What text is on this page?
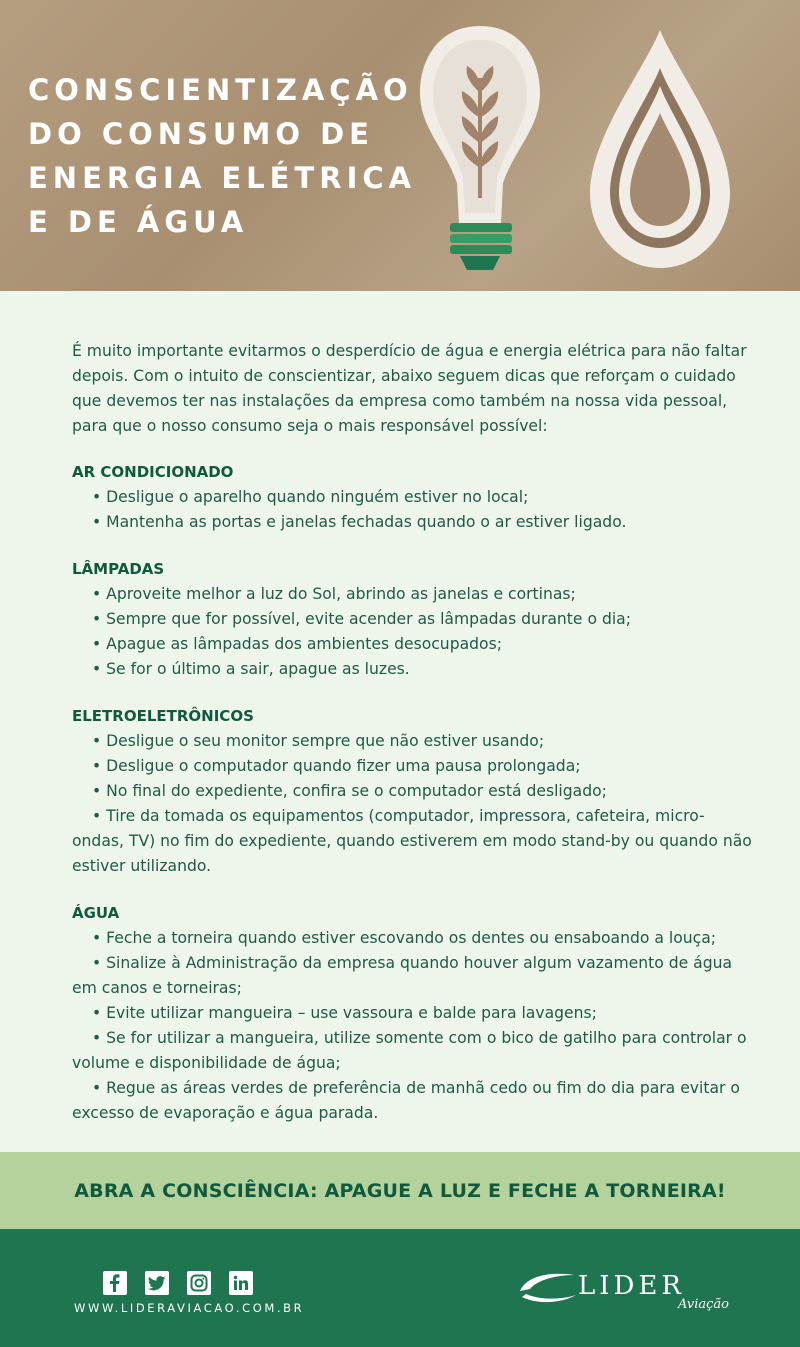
CONSCIENTIZAÇÃO
DO CONSUMO DE
ENERGIA ELÉTRICA
E DE ÁGUA

É muito importante evitarmos o desperdício de água e energia elétrica para não faltar depois. Com o intuito de conscientizar, abaixo seguem dicas que reforçam o cuidado que devemos ter nas instalações da empresa como também na nossa vida pessoal, para que o nosso consumo seja o mais responsável possível:

AR CONDICIONADO

• Desligue o aparelho quando ninguém estiver no local;

• Mantenha as portas e janelas fechadas quando o ar estiver ligado.

LÂMPADAS

• Aproveite melhor a luz do Sol, abrindo as janelas e cortinas;

• Sempre que for possível, evite acender as lâmpadas durante o dia;

• Apague as lâmpadas dos ambientes desocupados;

• Se for o último a sair, apague as luzes.

ELETROELETRÔNICOS

• Desligue o seu monitor sempre que não estiver usando;

• Desligue o computador quando fizer uma pausa prolongada;

• No final do expediente, confira se o computador está desligado;

• Tire da tomada os equipamentos (computador, impressora, cafeteira, micro-ondas, TV) no fim do expediente, quando estiverem em modo stand-by ou quando não estiver utilizando.

ÁGUA

• Feche a torneira quando estiver escovando os dentes ou ensaboando a louça;

• Sinalize à Administração da empresa quando houver algum vazamento de água em canos e torneiras;

• Evite utilizar mangueira – use vassoura e balde para lavagens;

• Se for utilizar a mangueira, utilize somente com o bico de gatilho para controlar o volume e disponibilidade de água;

• Regue as áreas verdes de preferência de manhã cedo ou fim do dia para evitar o excesso de evaporação e água parada.

ABRA A CONSCIÊNCIA: APAGUE A LUZ E FECHE A TORNEIRA!
WWW.LIDERAVIACAO.COM.BR
LIDER
Aviação
